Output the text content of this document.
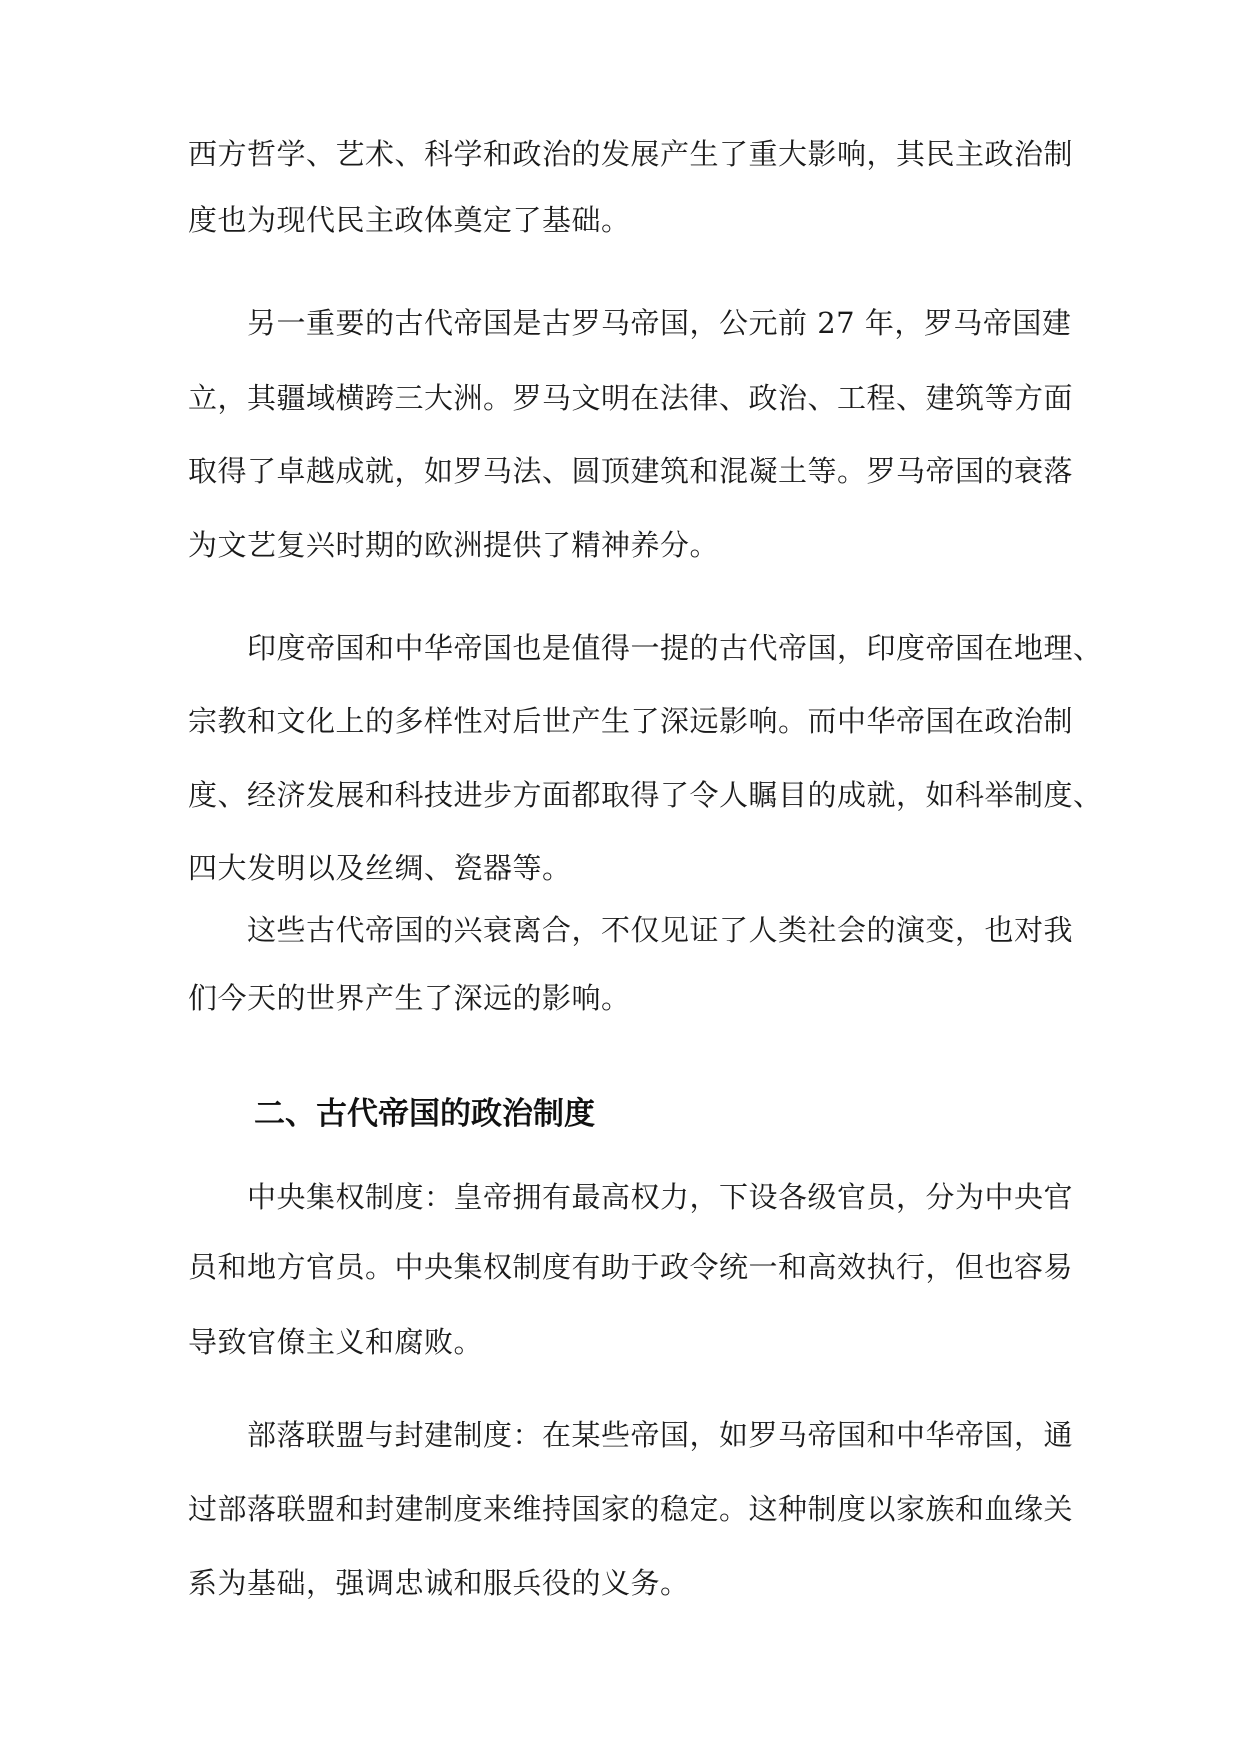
西方哲学、艺术、科学和政治的发展产生了重大影响，其民主政治制
度也为现代民主政体奠定了基础。
　　另一重要的古代帝国是古罗马帝国，公元前 27 年，罗马帝国建
立，其疆域横跨三大洲。罗马文明在法律、政治、工程、建筑等方面
取得了卓越成就，如罗马法、圆顶建筑和混凝土等。罗马帝国的衰落
为文艺复兴时期的欧洲提供了精神养分。
　　印度帝国和中华帝国也是值得一提的古代帝国，印度帝国在地理、
宗教和文化上的多样性对后世产生了深远影响。而中华帝国在政治制
度、经济发展和科技进步方面都取得了令人瞩目的成就，如科举制度、
四大发明以及丝绸、瓷器等。
　　这些古代帝国的兴衰离合，不仅见证了人类社会的演变，也对我
们今天的世界产生了深远的影响。
二、古代帝国的政治制度
　　中央集权制度：皇帝拥有最高权力，下设各级官员，分为中央官
员和地方官员。中央集权制度有助于政令统一和高效执行，但也容易
导致官僚主义和腐败。
　　部落联盟与封建制度：在某些帝国，如罗马帝国和中华帝国，通
过部落联盟和封建制度来维持国家的稳定。这种制度以家族和血缘关
系为基础，强调忠诚和服兵役的义务。
